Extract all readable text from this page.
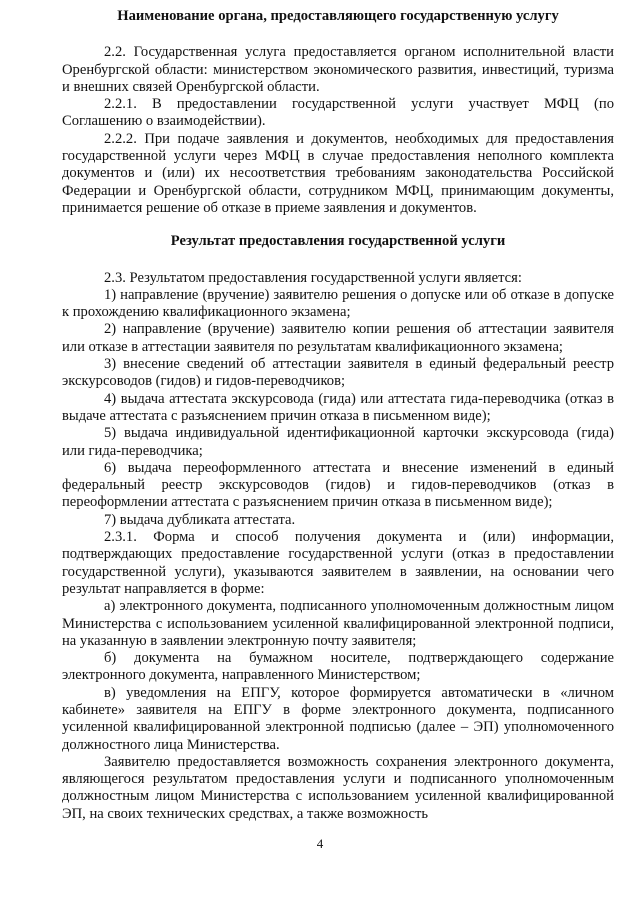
Наименование органа, предоставляющего государственную услугу

2.2. Государственная услуга предоставляется органом исполнительной власти Оренбургской области: министерством экономического развития, инвестиций, туризма и внешних связей Оренбургской области.

2.2.1. В предоставлении государственной услуги участвует МФЦ (по Соглашению о взаимодействии).

2.2.2. При подаче заявления и документов, необходимых для предоставления государственной услуги через МФЦ в случае предоставления неполного комплекта документов и (или) их несоответствия требованиям законодательства Российской Федерации и Оренбургской области, сотрудником МФЦ, принимающим документы, принимается решение об отказе в приеме заявления и документов.

Результат предоставления государственной услуги

2.3. Результатом предоставления государственной услуги является:

1) направление (вручение) заявителю решения о допуске или об отказе в допуске к прохождению квалификационного экзамена;

2) направление (вручение) заявителю копии решения об аттестации заявителя или отказе в аттестации заявителя по результатам квалификационного экзамена;

3) внесение сведений об аттестации заявителя в единый федеральный реестр экскурсоводов (гидов) и гидов-переводчиков;

4) выдача аттестата экскурсовода (гида) или аттестата гида-переводчика (отказ в выдаче аттестата с разъяснением причин отказа в письменном виде);

5) выдача индивидуальной идентификационной карточки экскурсовода (гида) или гида-переводчика;

6) выдача переоформленного аттестата и внесение изменений в единый федеральный реестр экскурсоводов (гидов) и гидов-переводчиков (отказ в переоформлении аттестата с разъяснением причин отказа в письменном виде);

7) выдача дубликата аттестата.

2.3.1. Форма и способ получения документа и (или) информации, подтверждающих предоставление государственной услуги (отказ в предоставлении государственной услуги), указываются заявителем в заявлении, на основании чего результат направляется в форме:

а) электронного документа, подписанного уполномоченным должностным лицом Министерства с использованием усиленной квалифицированной электронной подписи, на указанную в заявлении электронную почту заявителя;

б) документа на бумажном носителе, подтверждающего содержание электронного документа, направленного Министерством;

в) уведомления на ЕПГУ, которое формируется автоматически в «личном кабинете» заявителя на ЕПГУ в форме электронного документа, подписанного усиленной квалифицированной электронной подписью (далее – ЭП) уполномоченного должностного лица Министерства.

Заявителю предоставляется возможность сохранения электронного документа, являющегося результатом предоставления услуги и подписанного уполномоченным должностным лицом Министерства с использованием усиленной квалифицированной ЭП, на своих технических средствах, а также возможность

4
